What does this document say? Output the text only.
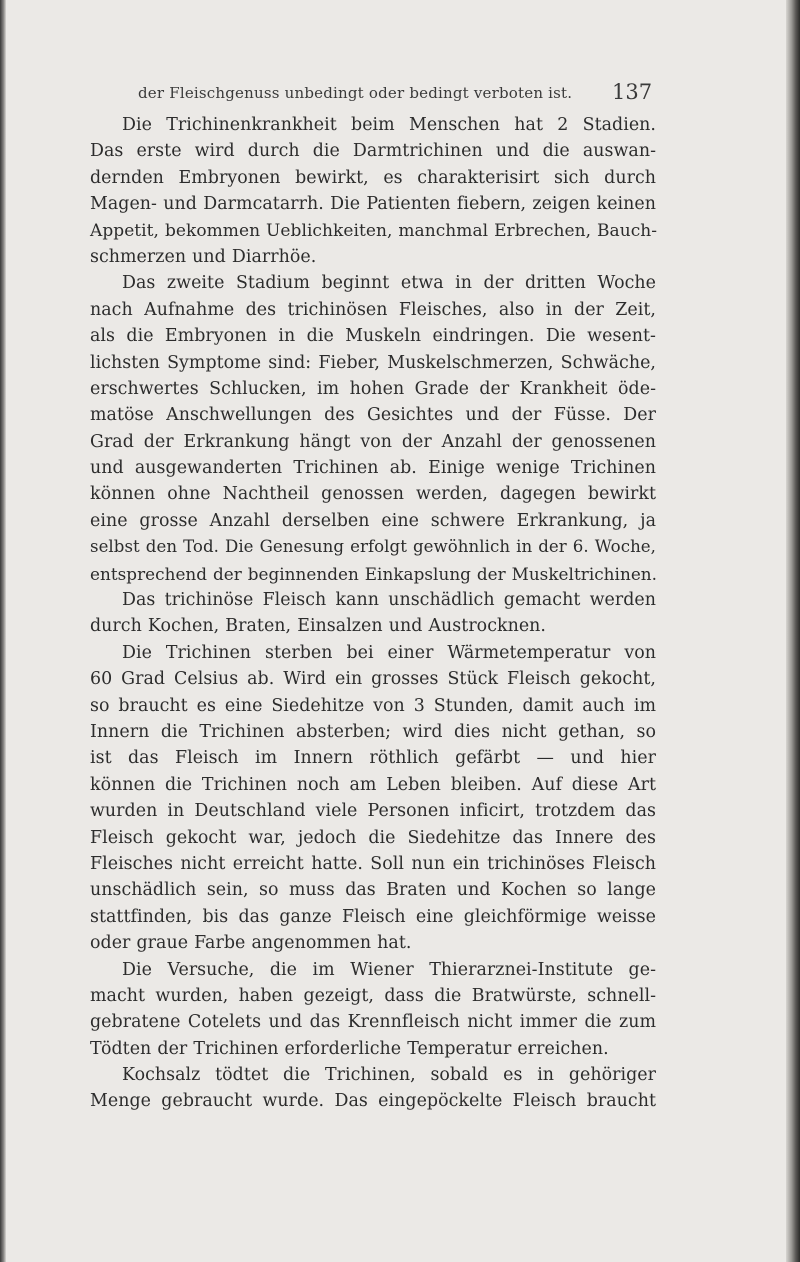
der Fleischgenuss unbedingt oder bedingt verboten ist. 137
Die Trichinenkrankheit beim Menschen hat 2 Stadien.
Das erste wird durch die Darmtrichinen und die auswan-
dernden Embryonen bewirkt, es charakterisirt sich durch
Magen- und Darmcatarrh. Die Patienten fiebern, zeigen keinen
Appetit, bekommen Ueblichkeiten, manchmal Erbrechen, Bauch-
schmerzen und Diarrhöe.
Das zweite Stadium beginnt etwa in der dritten Woche
nach Aufnahme des trichinösen Fleisches, also in der Zeit,
als die Embryonen in die Muskeln eindringen. Die wesent-
lichsten Symptome sind: Fieber, Muskelschmerzen, Schwäche,
erschwertes Schlucken, im hohen Grade der Krankheit öde-
matöse Anschwellungen des Gesichtes und der Füsse. Der
Grad der Erkrankung hängt von der Anzahl der genossenen
und ausgewanderten Trichinen ab. Einige wenige Trichinen
können ohne Nachtheil genossen werden, dagegen bewirkt
eine grosse Anzahl derselben eine schwere Erkrankung, ja
selbst den Tod. Die Genesung erfolgt gewöhnlich in der 6. Woche,
entsprechend der beginnenden Einkapslung der Muskeltrichinen.
Das trichinöse Fleisch kann unschädlich gemacht werden
durch Kochen, Braten, Einsalzen und Austrocknen.
Die Trichinen sterben bei einer Wärmetemperatur von
60 Grad Celsius ab. Wird ein grosses Stück Fleisch gekocht,
so braucht es eine Siedehitze von 3 Stunden, damit auch im
Innern die Trichinen absterben; wird dies nicht gethan, so
ist das Fleisch im Innern röthlich gefärbt — und hier
können die Trichinen noch am Leben bleiben. Auf diese Art
wurden in Deutschland viele Personen inficirt, trotzdem das
Fleisch gekocht war, jedoch die Siedehitze das Innere des
Fleisches nicht erreicht hatte. Soll nun ein trichinöses Fleisch
unschädlich sein, so muss das Braten und Kochen so lange
stattfinden, bis das ganze Fleisch eine gleichförmige weisse
oder graue Farbe angenommen hat.
Die Versuche, die im Wiener Thierarznei-Institute ge-
macht wurden, haben gezeigt, dass die Bratwürste, schnell-
gebratene Cotelets und das Krennfleisch nicht immer die zum
Tödten der Trichinen erforderliche Temperatur erreichen.
Kochsalz tödtet die Trichinen, sobald es in gehöriger
Menge gebraucht wurde. Das eingepöckelte Fleisch braucht
